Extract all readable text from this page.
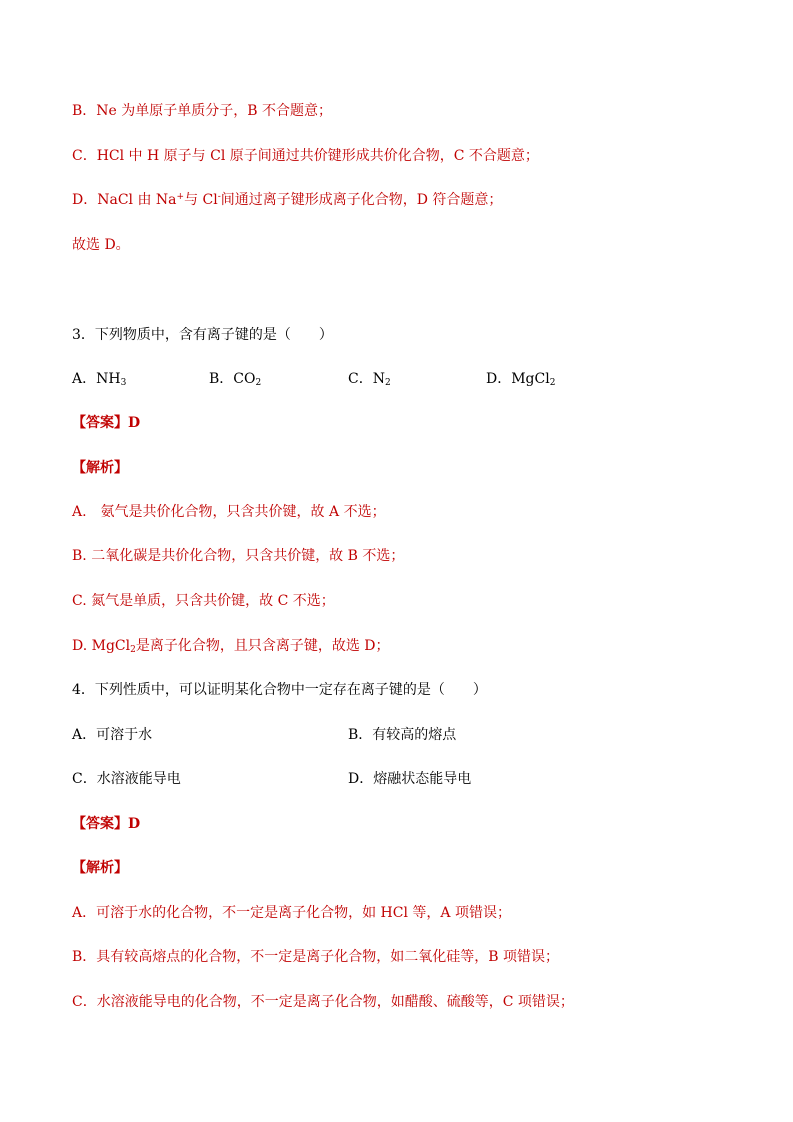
B．Ne 为单原子单质分子，B 不合题意；
C．HCl 中 H 原子与 Cl 原子间通过共价键形成共价化合物，C 不合题意；
D．NaCl 由 Na+与 Cl-间通过离子键形成离子化合物，D 符合题意；
故选 D。
3．下列物质中，含有离子键的是（　　）
A．$NH_3$	B．$CO_2$	C．$N_2$	D．MgCl$_2$
【答案】D
【解析】
A.　氨气是共价化合物，只含共价键，故 A 不选；
B. 二氧化碳是共价化合物，只含共价键，故 B 不选；
C. 氮气是单质，只含共价键，故 C 不选；
D. MgCl$_2$是离子化合物，且只含离子键，故选 D；
4．下列性质中，可以证明某化合物中一定存在离子键的是（　　）
A．可溶于水	B．有较高的熔点
C．水溶液能导电	D．熔融状态能导电
【答案】D
【解析】
A．可溶于水的化合物，不一定是离子化合物，如 HCl 等，A 项错误；
B．具有较高熔点的化合物，不一定是离子化合物，如二氧化硅等，B 项错误；
C．水溶液能导电的化合物，不一定是离子化合物，如醋酸、硫酸等，C 项错误；
